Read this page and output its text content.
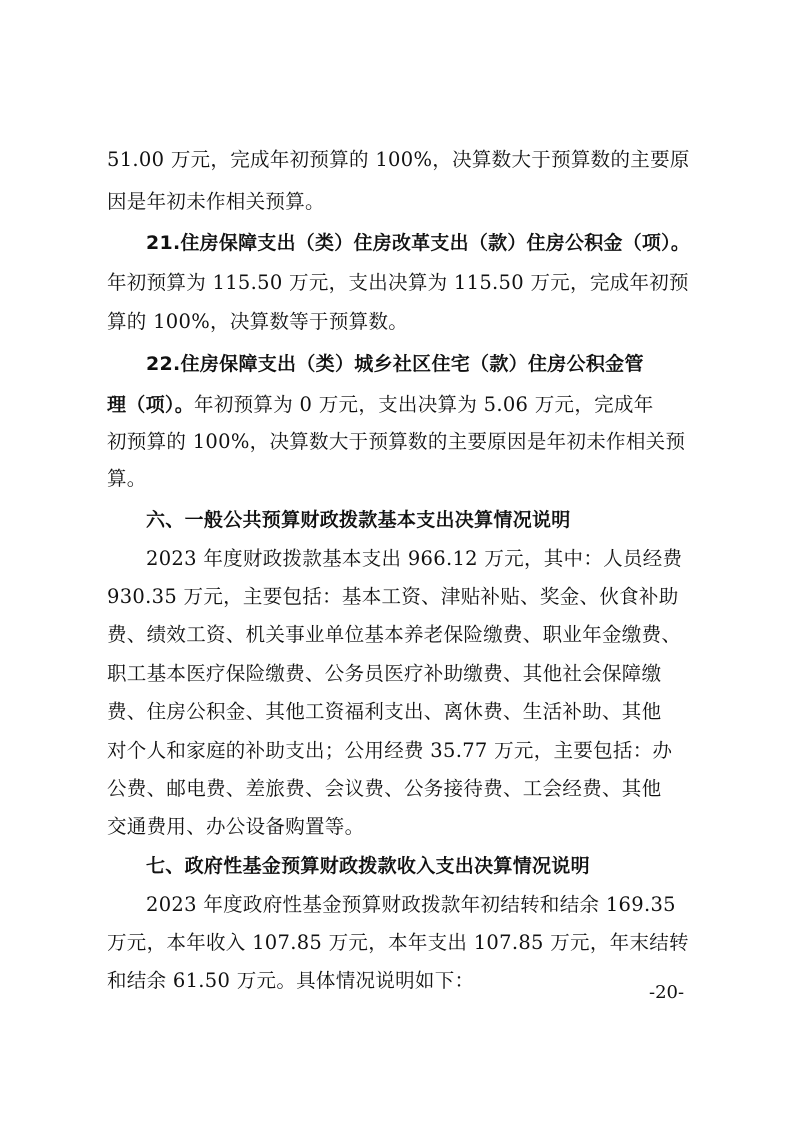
51.00 万元，完成年初预算的 100%，决算数大于预算数的主要原
因是年初未作相关预算。
21.住房保障支出（类）住房改革支出（款）住房公积金（项）。
年初预算为 115.50 万元，支出决算为 115.50 万元，完成年初预
算的 100%，决算数等于预算数。
22.住房保障支出（类）城乡社区住宅（款）住房公积金管
理（项）。年初预算为 0 万元，支出决算为 5.06 万元，完成年
初预算的 100%，决算数大于预算数的主要原因是年初未作相关预
算。
六、一般公共预算财政拨款基本支出决算情况说明
2023 年度财政拨款基本支出 966.12 万元，其中：人员经费
930.35 万元，主要包括：基本工资、津贴补贴、奖金、伙食补助
费、绩效工资、机关事业单位基本养老保险缴费、职业年金缴费、
职工基本医疗保险缴费、公务员医疗补助缴费、其他社会保障缴
费、住房公积金、其他工资福利支出、离休费、生活补助、其他
对个人和家庭的补助支出；公用经费 35.77 万元，主要包括：办
公费、邮电费、差旅费、会议费、公务接待费、工会经费、其他
交通费用、办公设备购置等。
七、政府性基金预算财政拨款收入支出决算情况说明
2023 年度政府性基金预算财政拨款年初结转和结余 169.35
万元，本年收入 107.85 万元，本年支出 107.85 万元，年末结转
和结余 61.50 万元。具体情况说明如下：
-20-
